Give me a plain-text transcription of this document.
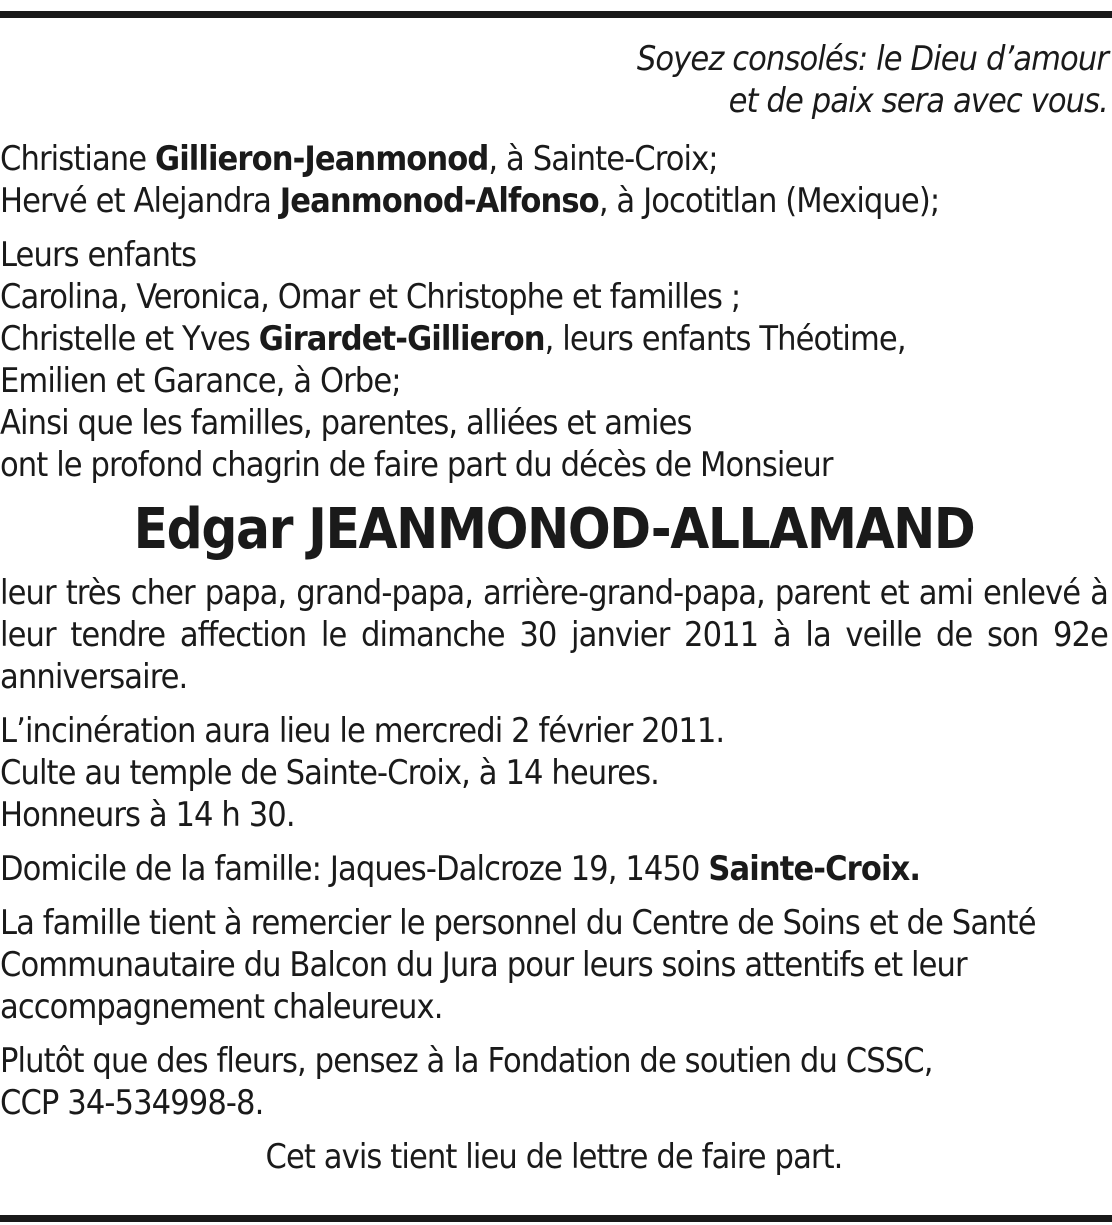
Soyez consolés: le Dieu d’amour
et de paix sera avec vous.

Christiane Gillieron-Jeanmonod, à Sainte-Croix;

Hervé et Alejandra Jeanmonod-Alfonso, à Jocotitlan (Mexique);

Leurs enfants

Carolina, Veronica, Omar et Christophe et familles ;

Christelle et Yves Girardet-Gillieron, leurs enfants Théotime,

Emilien et Garance, à Orbe;

Ainsi que les familles, parentes, alliées et amies

ont le profond chagrin de faire part du décès de Monsieur

Edgar JEANMONOD-ALLAMAND

leur très cher papa, grand-papa, arrière-grand-papa, parent et ami enlevé à leur tendre affection le dimanche 30 janvier 2011 à la veille de son 92e anniversaire.

L’incinération aura lieu le mercredi 2 février 2011.

Culte au temple de Sainte-Croix, à 14 heures.

Honneurs à 14 h 30.

Domicile de la famille: Jaques-Dalcroze 19, 1450 Sainte-Croix.

La famille tient à remercier le personnel du Centre de Soins et de Santé Communautaire du Balcon du Jura pour leurs soins attentifs et leur accompagnement chaleureux.

Plutôt que des fleurs, pensez à la Fondation de soutien du CSSC,

CCP 34-534998-8.

Cet avis tient lieu de lettre de faire part.
